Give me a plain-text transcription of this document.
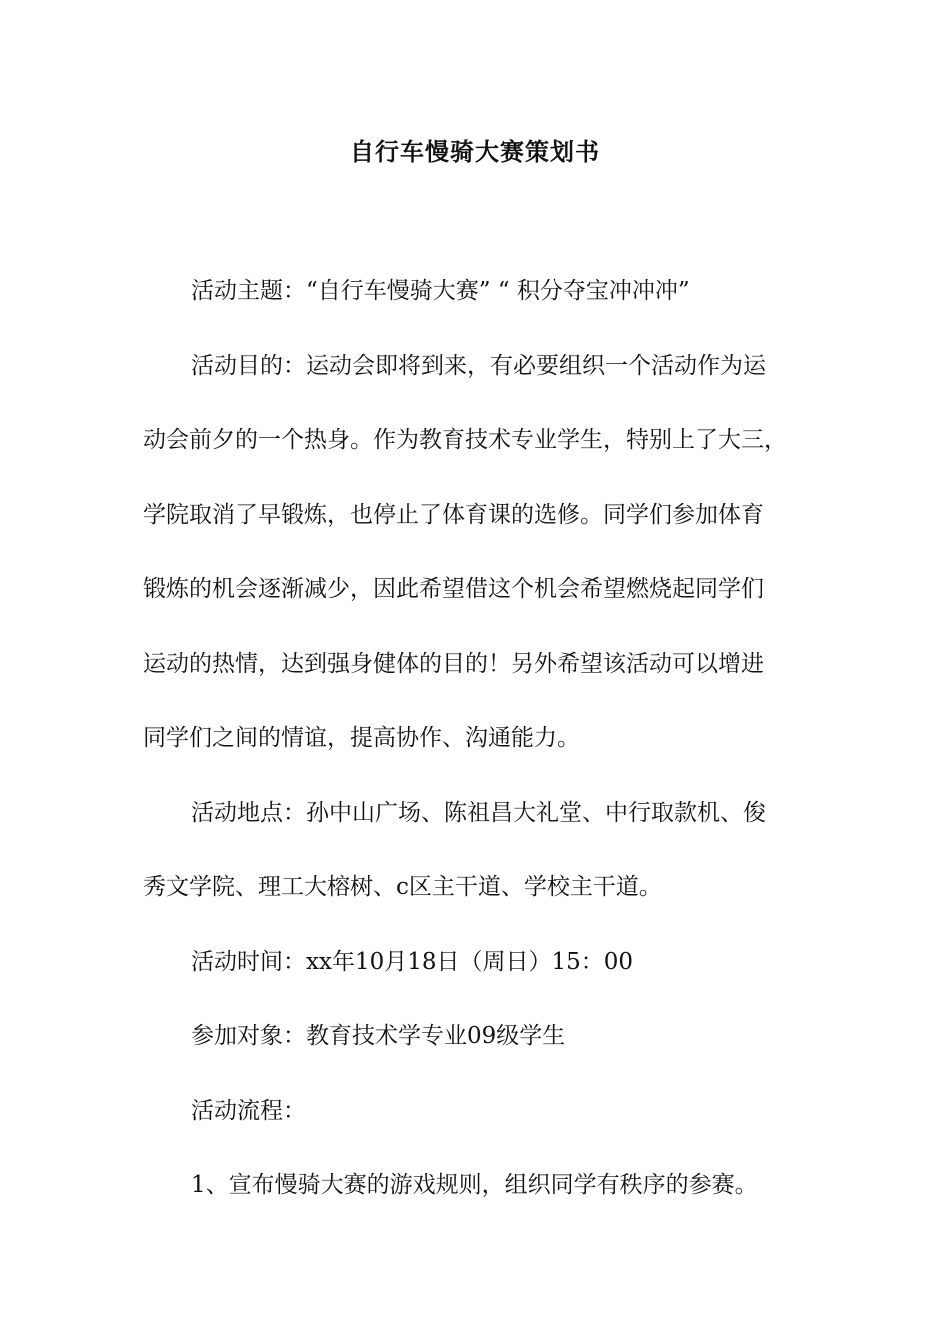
自行车慢骑大赛策划书
活动主题：“自行车慢骑大赛” “ 积分夺宝冲冲冲”
活动目的：运动会即将到来，有必要组织一个活动作为运
动会前夕的一个热身。作为教育技术专业学生，特别上了大三，
学院取消了早锻炼，也停止了体育课的选修。同学们参加体育
锻炼的机会逐渐减少，因此希望借这个机会希望燃烧起同学们
运动的热情，达到强身健体的目的！另外希望该活动可以增进
同学们之间的情谊，提高协作、沟通能力。
活动地点：孙中山广场、陈祖昌大礼堂、中行取款机、俊
秀文学院、理工大榕树、c区主干道、学校主干道。
活动时间：xx年10月18日（周日）15：00
参加对象：教育技术学专业09级学生
活动流程：
1、宣布慢骑大赛的游戏规则，组织同学有秩序的参赛。
